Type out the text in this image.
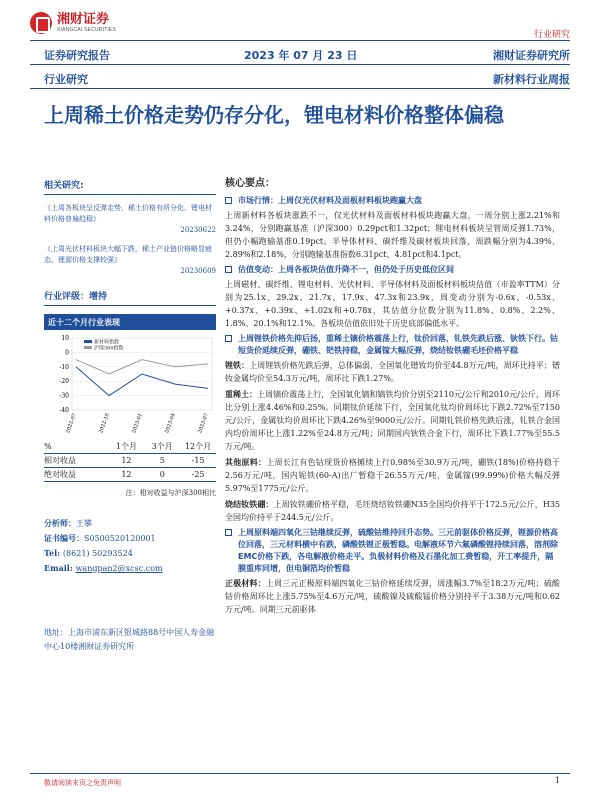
湘财证券
XIANGCAI SECURITIES	行业研究
证券研究报告	2023 年 07 月 23 日	湘财证券研究所
行业研究	新材料行业周报
上周稀土价格走势仍存分化，锂电材料价格整体偏稳
相关研究:
《上周各板块呈反弹走势，稀土价格有所分化、锂电材料价格普遍趋稳》
20230622
《上周光伏材料板块大幅下跌，稀土产业链价格略显疲态、锂源价格支撑较强》
20230609
行业评级：增持
近十二个月行业表现
10
0
-10
-20
-30
-40
2022-07	2022-10	2023-01	2023-04	2023-07
新材料指数
沪深300指数
%	1个月	3个月	12个月
相对收益	12	5	-15
绝对收益	12	0	-25
注：相对收益与沪深300相比
分析师：王攀
证书编号：S0500520120001
Tel: (8621) 50293524
Email: wangpan2@xcsc.com
地址：上海市浦东新区银城路88号中国人寿金融中心10楼湘财证券研究所
核心要点：
市场行情：上周仅光伏材料及面板材料板块跑赢大盘
上周新材料各板块涨跌不一，仅光伏材料及面板材料板块跑赢大盘，一周分别上涨2.21%和3.24%，分别跑赢基准（沪深300）0.29pct和1.32pct；锂电材料板块呈管周反弹1.73%，但仍小幅跑输基准0.19pct。半导体材料、碳纤维及碳材板块回落，周跌幅分别为4.39%、2.89%和2.18%，分别跑输基准指数6.31pct、4.81pct和4.1pct。
估值变动：上周各板块估值升降不一，但仍处于历史低位区间
上周磁材、碳纤维、锂电材料、光伏材料、半导体材料及面板材料板块估值（市盈率TTM）分别为25.1x、29.2x、21.7x、17.9x、47.3x和23.9x，周变动分别为-0.6x、-0.53x、+0.37x、+0.39x、+1.02x和+0.78x，其估值分位数分别为11.8%、0.8%、2.2%、1.8%、20.1%和12.1%。各板块估值依旧处于历史底部偏低水平。
上周锂铁价格先抑后扬，重稀土镝价格震荡上行，钛价回落，钆铁先跌后涨、钬铁下行。钴短货价延续反弹，硼铁、钯铁持稳，金属镓大幅反弹，烧结钕铁硼毛坯价格平稳
锂铁：上周锂铁价格先跌后弹，总体偏弱，全国氧化镨钕均价至44.8万元/吨，周环比持平；镨钕金属均价至54.3万元/吨，周环比下跌1.27%。
重稀土：上周镝价震荡上行，全国氧化镝和镝铁均价分别至2110元/公斤和2010元/公斤，周环比分别上涨4.46%和0.25%。同期钛价延续下行，全国氧化钛均价周环比下跌2.72%至7150元/公斤，金属钛均价周环比下跌4.26%至9000元/公斤。同期钆铁价格先跌后涨，钆铁合金国内均价周环比上涨1.22%至24.8万元/吨；同期国内钬铁合金下行，周环比下跌1.77%至55.5万元/吨。
其他原料：上周长江有色钴现货价格摊续上行0.98%至30.9万元/吨，硼铁(18%)价格持稳于2.56万元/吨，国内铌铁(60-A)出厂暂稳于26.55万元/吨，金属镓(99.99%)价格大幅反弹5.97%至1775元/公斤。
烧结钕铁硼：上周钕铁硼价格平稳，毛坯烧结钕铁硼N35全国均价持平于172.5元/公斤，H35全国均价持平于244.5元/公斤。
上周原料端四氧化三钴继续反弹，硫酸钴维持回升态势。三元前驱体价格反弹，锂源价格高位回落，三元材料横中有跌，磷酸铁锂正极暂稳。电解液环节六氟磷酸锂持续回落，溶剂除EMC价格下跌，各电解液价格走平。负极材料价格及石墨化加工费暂稳，开工率提升，隔膜重库同增，但电铜箔均价暂稳
正极材料：上周三元正极原料端四氧化三钴价格延续反弹，周涨幅3.7%至18.2万元/吨；硫酸钴价格周环比上涨5.75%至4.6万元/吨，硫酸镍及硫酸锰价格分别持平于3.38万元/吨和0.62万元/吨。同期三元前驱体
敬请阅读末页之免责声明	1
